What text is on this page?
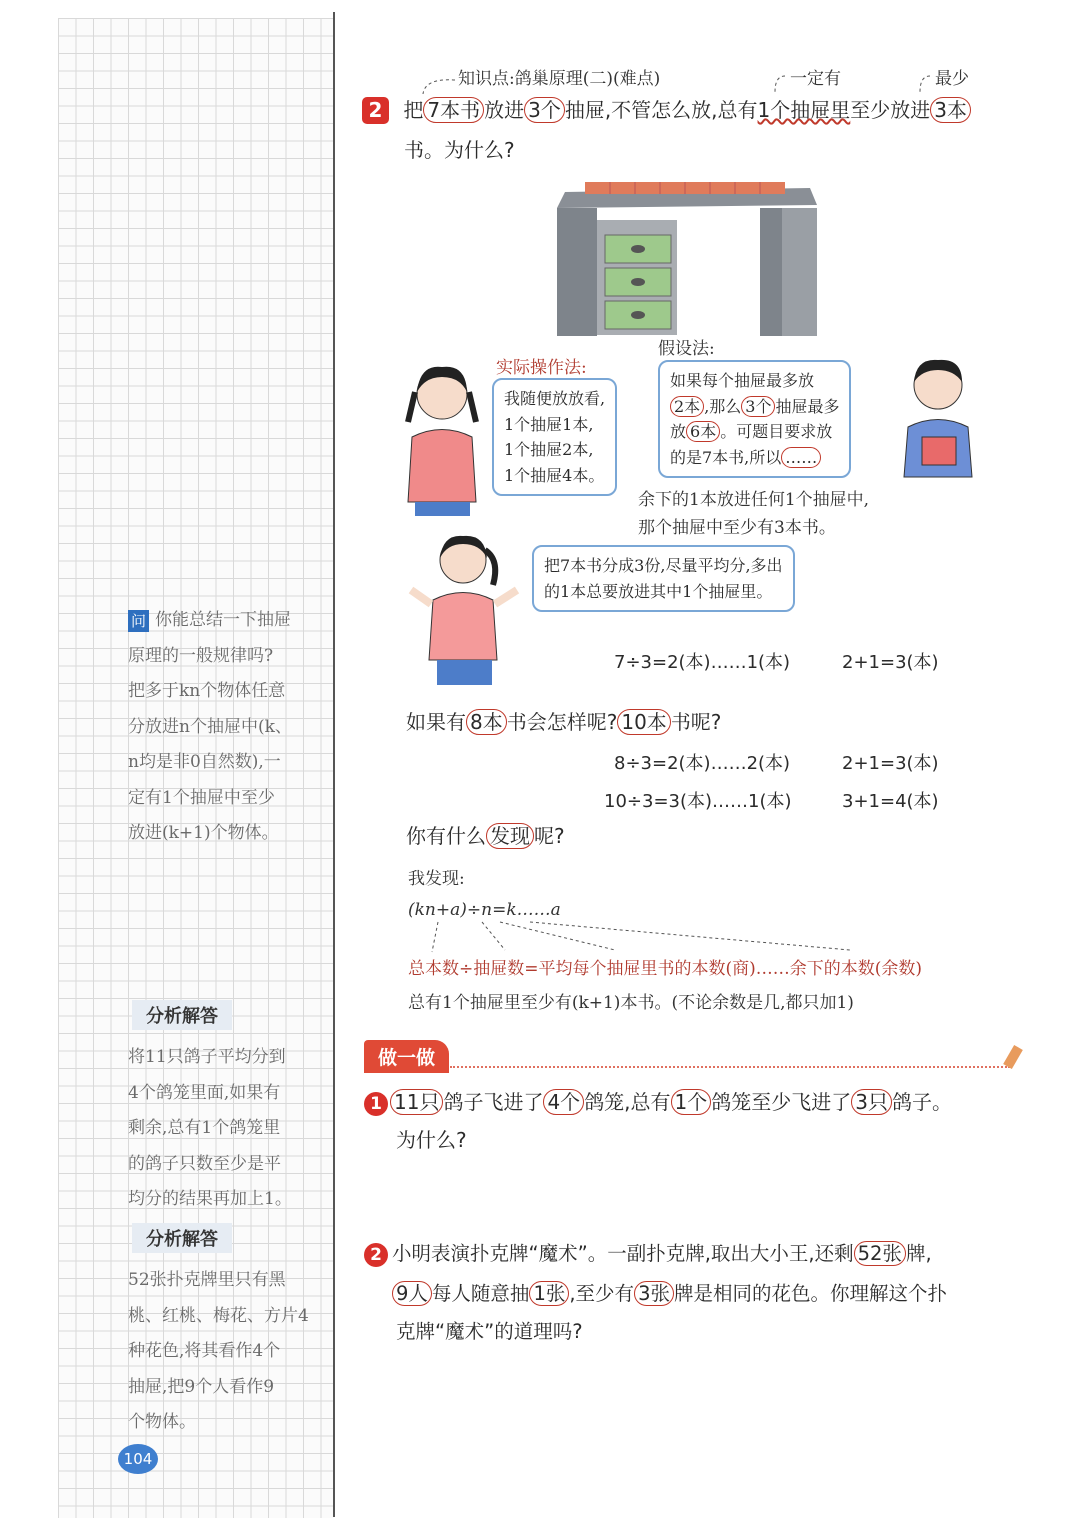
问 你能总结一下抽屉
原理的一般规律吗?
把多于kn个物体任意
分放进n个抽屉中(k、
n均是非0自然数),一
定有1个抽屉中至少
放进(k+1)个物体。
分析解答
将11只鸽子平均分到
4个鸽笼里面,如果有
剩余,总有1个鸽笼里
的鸽子只数至少是平
均分的结果再加上1。
分析解答
52张扑克牌里只有黑
桃、红桃、梅花、方片4
种花色,将其看作4个
抽屉,把9个人看作9
个物体。
104
知识点:鸽巢原理(二)(难点)	一定有	最少
2 把 7本书 放进 3个 抽屉,不管怎么放,总有1个抽屉里至少放进 3本
书。为什么?
实际操作法:
我随便放放看,
1个抽屉1本,
1个抽屉2本,
1个抽屉4本。
假设法:
如果每个抽屉最多放
2本 ,那么 3个 抽屉最多
放 6本 。可题目要求放
的是7本书,所以 ……
余下的1本放进任何1个抽屉中,
那个抽屉中至少有3本书。
把7本书分成3份,尽量平均分,多出
的1本总要放进其中1个抽屉里。
7÷3=2(本)……1(本)	2+1=3(本)
如果有 8本 书会怎样呢? 10本 书呢?
8÷3=2(本)……2(本)	2+1=3(本)
10÷3=3(本)……1(本)	3+1=4(本)
你有什么 发现 呢?
我发现:
(kn+a)÷n=k……a
总本数÷抽屉数=平均每个抽屉里书的本数(商)……余下的本数(余数)
总有1个抽屉里至少有(k+1)本书。(不论余数是几,都只加1)
做一做
1 11只 鸽子飞进了 4个 鸽笼,总有 1个 鸽笼至少飞进了 3只 鸽子。
为什么?
2 小明表演扑克牌“魔术”。一副扑克牌,取出大小王,还剩 52张 牌,
9人 每人随意抽 1张 ,至少有 3张 牌是相同的花色。你理解这个扑
克牌“魔术”的道理吗?
